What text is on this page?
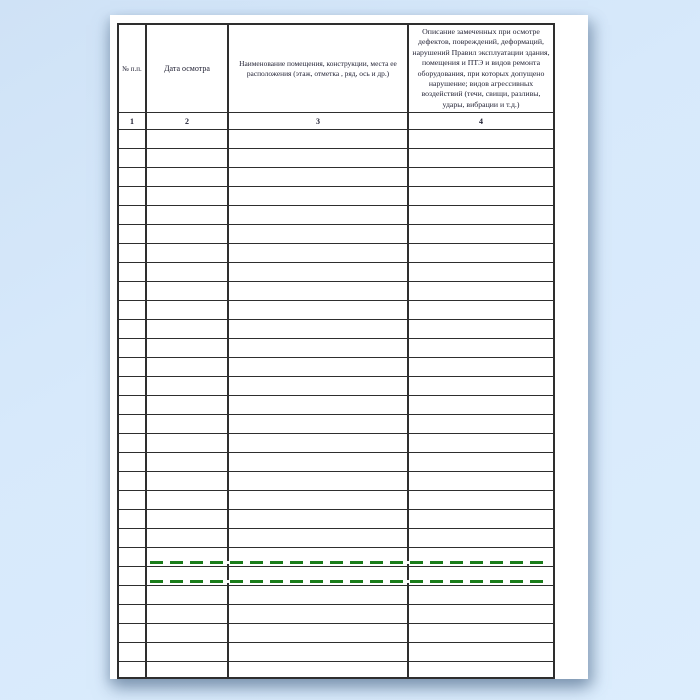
№ п.п.	Дата осмотра	Наименование помещения, конструкции, места ее расположения (этаж, отметка , ряд, ось и др.)	Описание замеченных при осмотре дефектов, повреждений, деформаций, нарушений Правил эксплуатации здания, помещения и ПТЭ и видов ремонта оборудования, при которых допущено нарушение; видов агрессивных воздействий (течи, свищи, разливы, удары, вибрации и т.д.)
1	2	3	4
